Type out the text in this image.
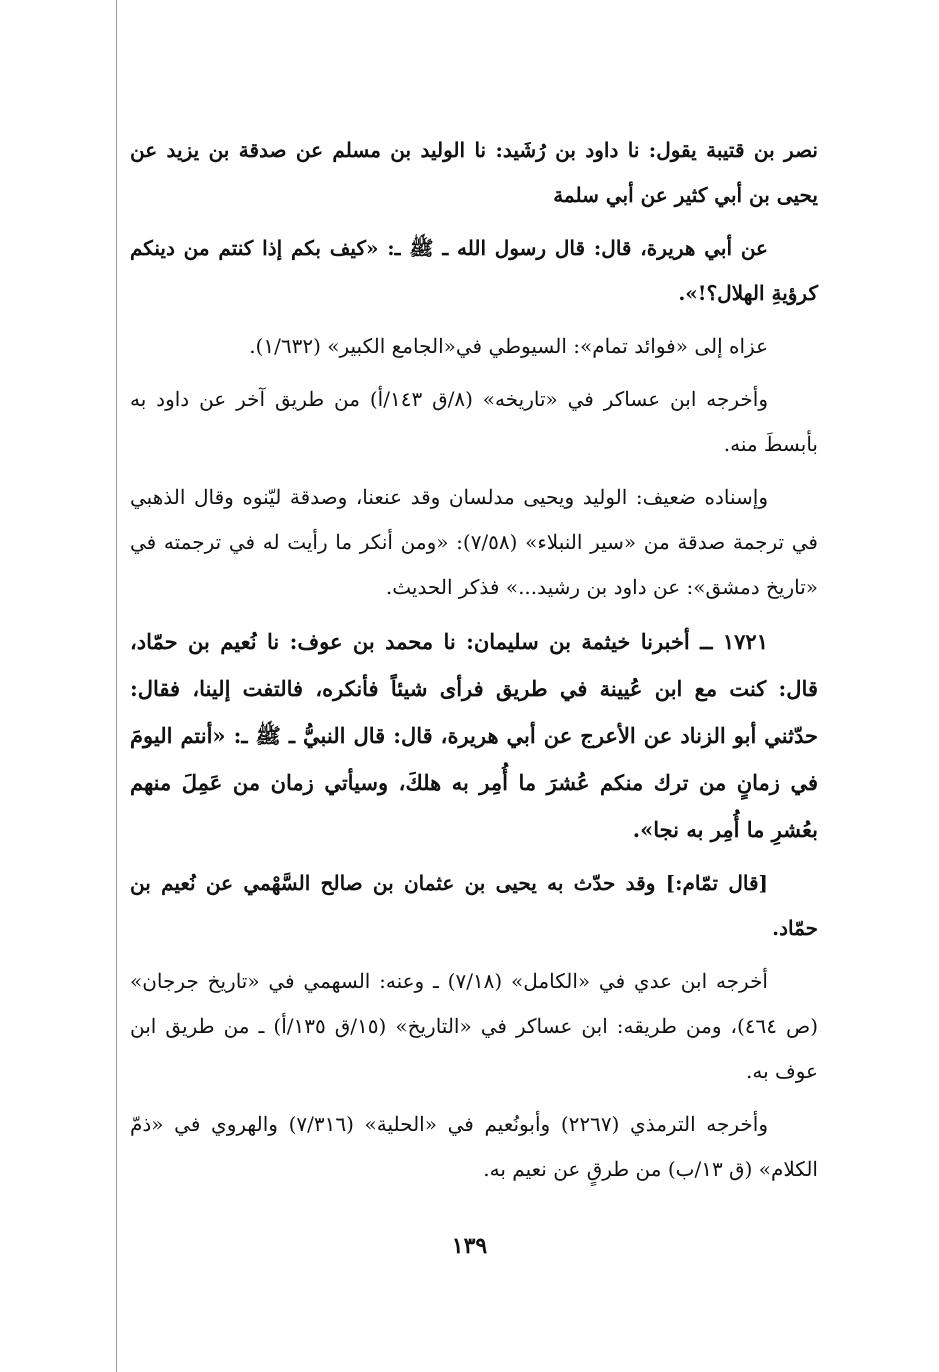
نصر بن قتيبة يقول: نا داود بن رُشَيد: نا الوليد بن مسلم عن صدقة بن يزيد عن يحيى بن أبي كثير عن أبي سلمة

عن أبي هريرة، قال: قال رسول الله ـ ﷺ ـ: «كيف بكم إذا كنتم من دينكم كرؤيةِ الهلال؟!».

عزاه إلى «فوائد تمام»: السيوطي في«الجامع الكبير» (١/٦٣٢).

وأخرجه ابن عساكر في «تاريخه» (٨/ق ١٤٣/أ) من طريق آخر عن داود به بأبسطَ منه.

وإسناده ضعيف: الوليد ويحيى مدلسان وقد عنعنا، وصدقة ليّنوه وقال الذهبي في ترجمة صدقة من «سير النبلاء» (٧/٥٨): «ومن أنكر ما رأيت له في ترجمته في «تاريخ دمشق»: عن داود بن رشيد...» فذكر الحديث.

١٧٢١ ــ أخبرنا خيثمة بن سليمان: نا محمد بن عوف: نا نُعيم بن حمّاد، قال: كنت مع ابن عُيينة في طريق فرأى شيئاً فأنكره، فالتفت إلينا، فقال: حدّثني أبو الزناد عن الأعرج عن أبي هريرة، قال: قال النبيُّ ـ ﷺ ـ: «أنتم اليومَ في زمانٍ من ترك منكم عُشرَ ما أُمِر به هلكَ، وسيأتي زمان من عَمِلَ منهم بعُشرِ ما أُمِر به نجا».

[قال تمّام:] وقد حدّث به يحيى بن عثمان بن صالح السَّهْمي عن نُعيم بن حمّاد.

أخرجه ابن عدي في «الكامل» (٧/١٨) ـ وعنه: السهمي في «تاريخ جرجان» (ص ٤٦٤)، ومن طريقه: ابن عساكر في «التاريخ» (١٥/ق ١٣٥/أ) ـ من طريق ابن عوف به.

وأخرجه الترمذي (٢٢٦٧) وأبونُعيم في «الحلية» (٧/٣١٦) والهروي في «ذمّ الكلام» (ق ١٣/ب) من طرقٍ عن نعيم به.

١٣٩
